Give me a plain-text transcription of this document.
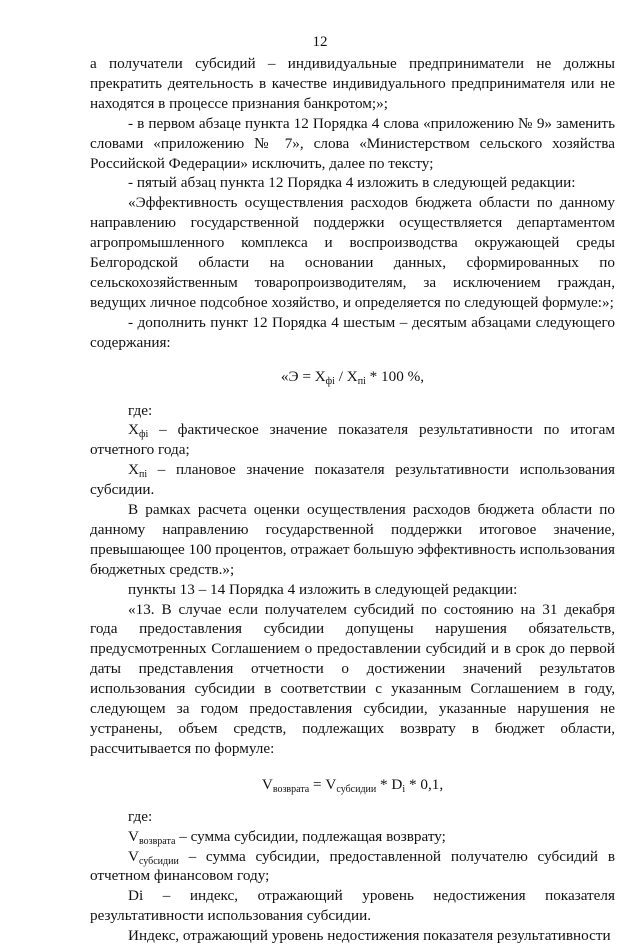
12

а получатели субсидий – индивидуальные предприниматели не должны прекратить деятельность в качестве индивидуального предпринимателя или не находятся в процессе признания банкротом;»;

- в первом абзаце пункта 12 Порядка 4 слова «приложению № 9» заменить словами «приложению № 7», слова «Министерством сельского хозяйства Российской Федерации» исключить, далее по тексту;

- пятый абзац пункта 12 Порядка 4 изложить в следующей редакции:

«Эффективность осуществления расходов бюджета области по данному направлению государственной поддержки осуществляется департаментом агропромышленного комплекса и воспроизводства окружающей среды Белгородской области на основании данных, сформированных по сельскохозяйственным товаропроизводителям, за исключением граждан, ведущих личное подсобное хозяйство, и определяется по следующей формуле:»;

- дополнить пункт 12 Порядка 4 шестым – десятым абзацами следующего содержания:

«$Э = Х_{фi} / Х_{пi} * 100$ %,

где:

$Х_{фi}$ – фактическое значение показателя результативности по итогам отчетного года;

$Х_{пi}$ – плановое значение показателя результативности использования субсидии.

В рамках расчета оценки осуществления расходов бюджета области по данному направлению государственной поддержки итоговое значение, превышающее 100 процентов, отражает большую эффективность использования бюджетных средств.»;

пункты 13 – 14 Порядка 4 изложить в следующей редакции:

«13. В случае если получателем субсидий по состоянию на 31 декабря года предоставления субсидии допущены нарушения обязательств, предусмотренных Соглашением о предоставлении субсидий и в срок до первой даты представления отчетности о достижении значений результатов использования субсидии в соответствии с указанным Соглашением в году, следующем за годом предоставления субсидии, указанные нарушения не устранены, объем средств, подлежащих возврату в бюджет области, рассчитывается по формуле:

$V_{возврата} = V_{субсидии} * D_i * 0,1$,

где:

$V_{возврата}$ – сумма субсидии, подлежащая возврату;

$V_{субсидии}$ – сумма субсидии, предоставленной получателю субсидий в отчетном финансовом году;

Di – индекс, отражающий уровень недостижения показателя результативности использования субсидии.

Индекс, отражающий уровень недостижения показателя результативности
